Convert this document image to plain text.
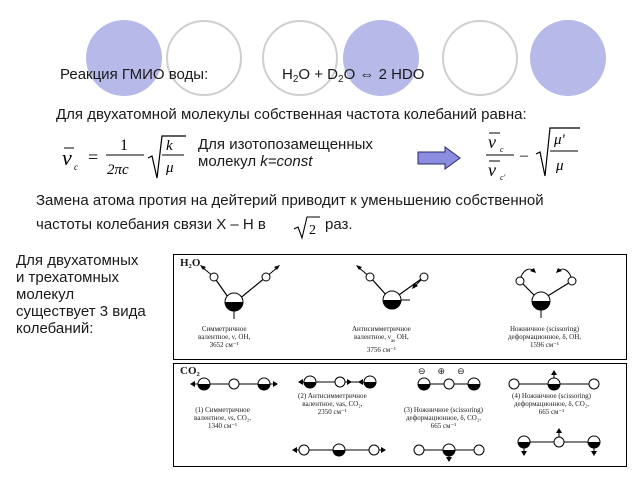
Реакция ГМИО воды:	$H_2O + D_2O$ ⇔ 2 HDO
Для двухатомной молекулы собственная частота колебаний равна:
ν c =
1
2πc
k
μ
Для изотопозамещенных
молекул k=const
ν c
ν c'
–
μ'
μ
Замена атома протия на дейтерий приводит к уменьшению собственной
частоты колебания связи X – H в	2 раз.
Для двухатомных
и трехатомных
молекул
существует 3 вида
колебаний:
H₂O
Симметричное
валентное, ν, OH,
3652 см⁻¹
Антисимметричное
валентное, $\nu_{as}$ OH,
3756 см⁻¹
Ножничное (scissoring)
деформационное, δ, OH,
1596 см⁻¹
CO₂	⊖⊕⊖
(1) Симметричное
валентное, νs, CO₂,
1340 см⁻¹
(2) Антисимметричное
валентное, νas, CO₂,
2350 см⁻¹	(3) Ножничное (scissoring)
деформационное, δ, CO₂,
665 см⁻¹
(4) Ножничное (scissoring)
деформационное, δ, CO₂,
665 см⁻¹
